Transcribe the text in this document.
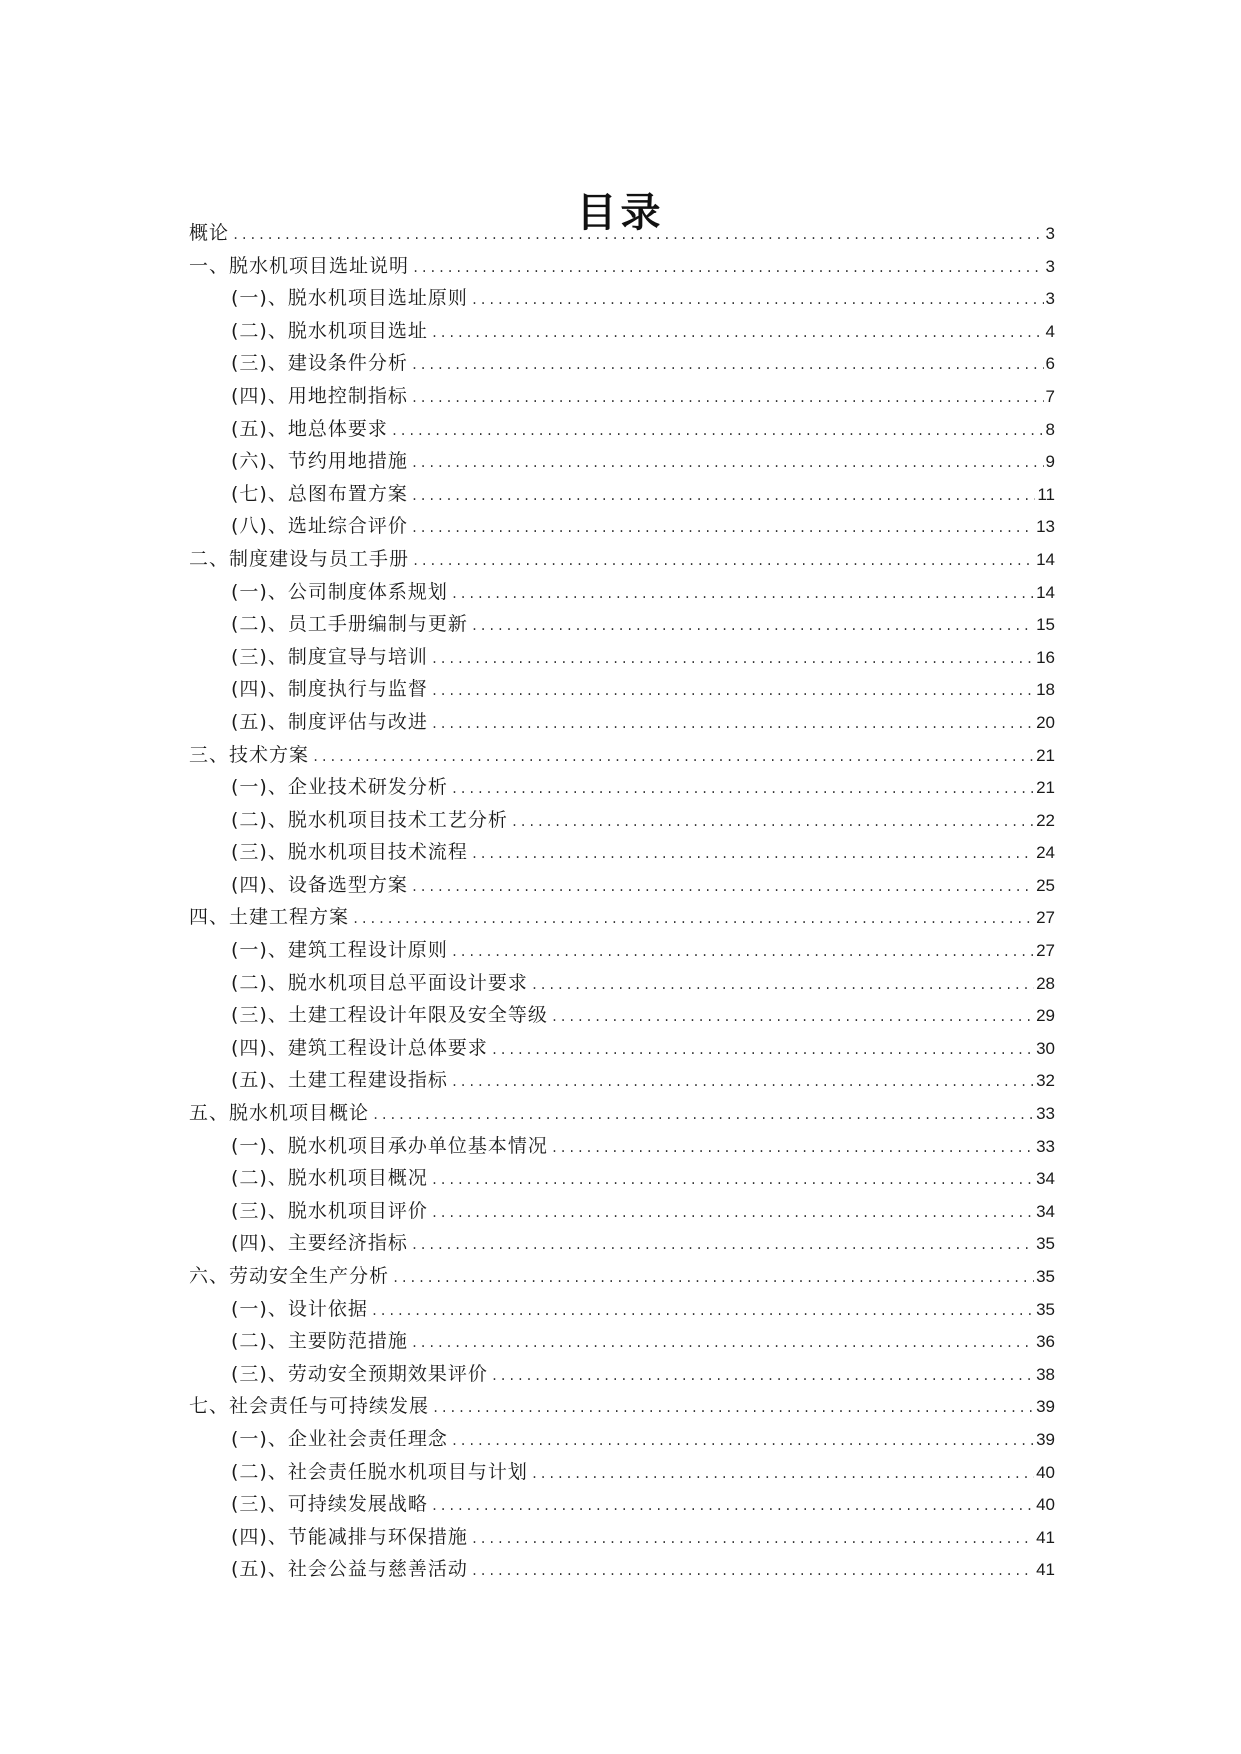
目录
概论 .....	3
一、脱水机项目选址说明 .....	3
(一)、脱水机项目选址原则 .....	3
(二)、脱水机项目选址 .....	4
(三)、建设条件分析 .....	6
(四)、用地控制指标 .....	7
(五)、地总体要求 .....	8
(六)、节约用地措施 .....	9
(七)、总图布置方案 .....	11
(八)、选址综合评价 .....	13
二、制度建设与员工手册 .....	14
(一)、公司制度体系规划 .....	14
(二)、员工手册编制与更新 .....	15
(三)、制度宣导与培训 .....	16
(四)、制度执行与监督 .....	18
(五)、制度评估与改进 .....	20
三、技术方案 .....	21
(一)、企业技术研发分析 .....	21
(二)、脱水机项目技术工艺分析 .....	22
(三)、脱水机项目技术流程 .....	24
(四)、设备选型方案 .....	25
四、土建工程方案 .....	27
(一)、建筑工程设计原则 .....	27
(二)、脱水机项目总平面设计要求 .....	28
(三)、土建工程设计年限及安全等级 .....	29
(四)、建筑工程设计总体要求 .....	30
(五)、土建工程建设指标 .....	32
五、脱水机项目概论 .....	33
(一)、脱水机项目承办单位基本情况 .....	33
(二)、脱水机项目概况 .....	34
(三)、脱水机项目评价 .....	34
(四)、主要经济指标 .....	35
六、劳动安全生产分析 .....	35
(一)、设计依据 .....	35
(二)、主要防范措施 .....	36
(三)、劳动安全预期效果评价 .....	38
七、社会责任与可持续发展 .....	39
(一)、企业社会责任理念 .....	39
(二)、社会责任脱水机项目与计划 .....	40
(三)、可持续发展战略 .....	40
(四)、节能减排与环保措施 .....	41
(五)、社会公益与慈善活动 .....	41
